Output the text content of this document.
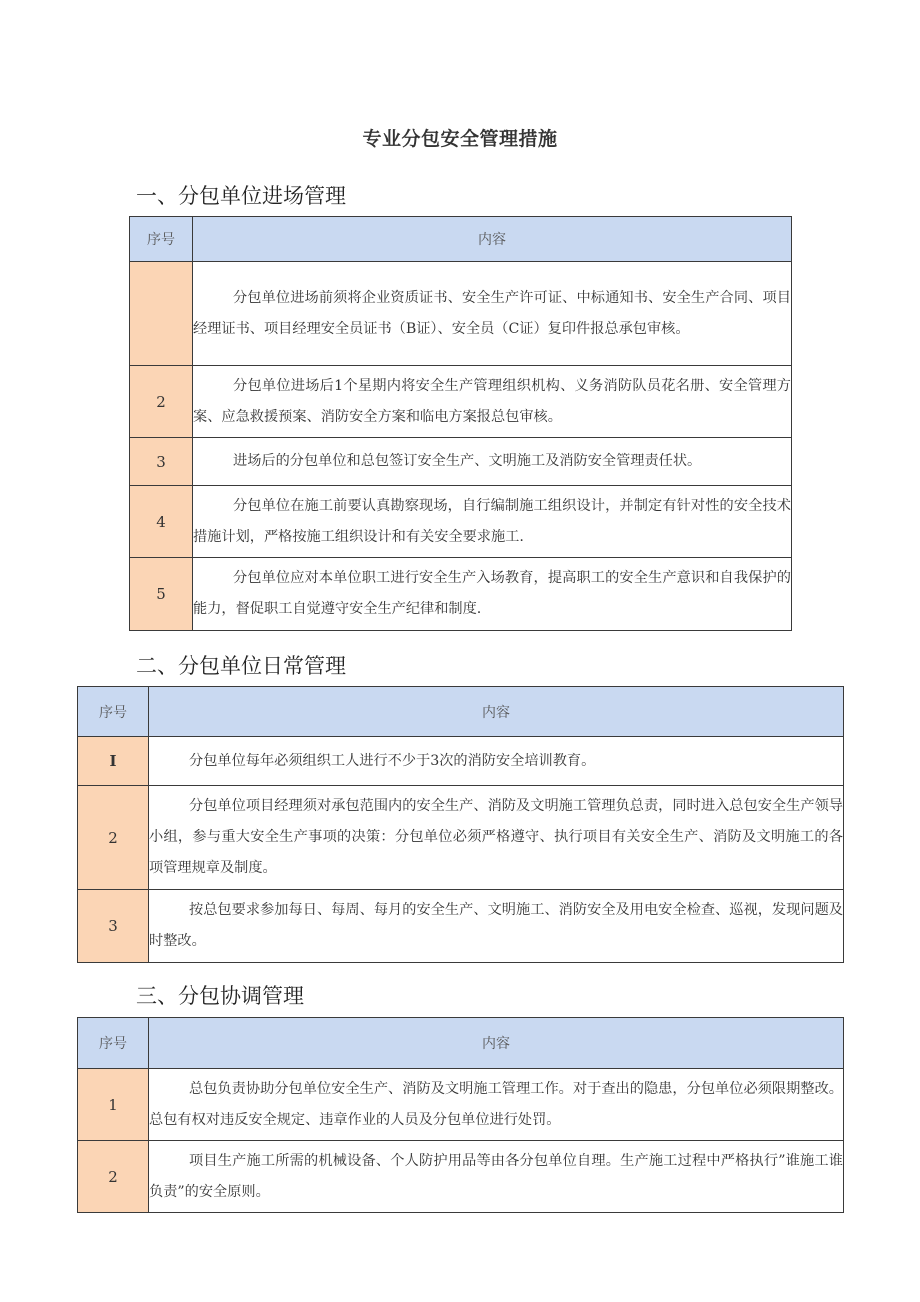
专业分包安全管理措施
一、分包单位进场管理
序号	内容

	分包单位进场前须将企业资质证书、安全生产许可证、中标通知书、安全生产合同、项目经理证书、项目经理安全员证书（B证）、安全员（C证）复印件报总承包审核。

2	分包单位进场后1个星期内将安全生产管理组织机构、义务消防队员花名册、安全管理方案、应急救援预案、消防安全方案和临电方案报总包审核。

3	进场后的分包单位和总包签订安全生产、文明施工及消防安全管理责任状。

4	分包单位在施工前要认真勘察现场，自行编制施工组织设计，并制定有针对性的安全技术措施计划，严格按施工组织设计和有关安全要求施工.

5	分包单位应对本单位职工进行安全生产入场教育，提高职工的安全生产意识和自我保护的能力，督促职工自觉遵守安全生产纪律和制度.
二、分包单位日常管理
序号	内容
I	分包单位每年必须组织工人进行不少于3次的消防安全培训教育。

2	分包单位项目经理须对承包范围内的安全生产、消防及文明施工管理负总责，同时进入总包安全生产领导小组，参与重大安全生产事项的决策：分包单位必须严格遵守、执行项目有关安全生产、消防及文明施工的各项管理规章及制度。

3	按总包要求参加每日、每周、每月的安全生产、文明施工、消防安全及用电安全检查、巡视，发现问题及时整改。
三、分包协调管理
序号	内容
1	总包负责协助分包单位安全生产、消防及文明施工管理工作。对于查出的隐患，分包单位必须限期整改。总包有权对违反安全规定、违章作业的人员及分包单位进行处罚。

2	项目生产施工所需的机械设备、个人防护用品等由各分包单位自理。生产施工过程中严格执行”谁施工谁负责”的安全原则。
